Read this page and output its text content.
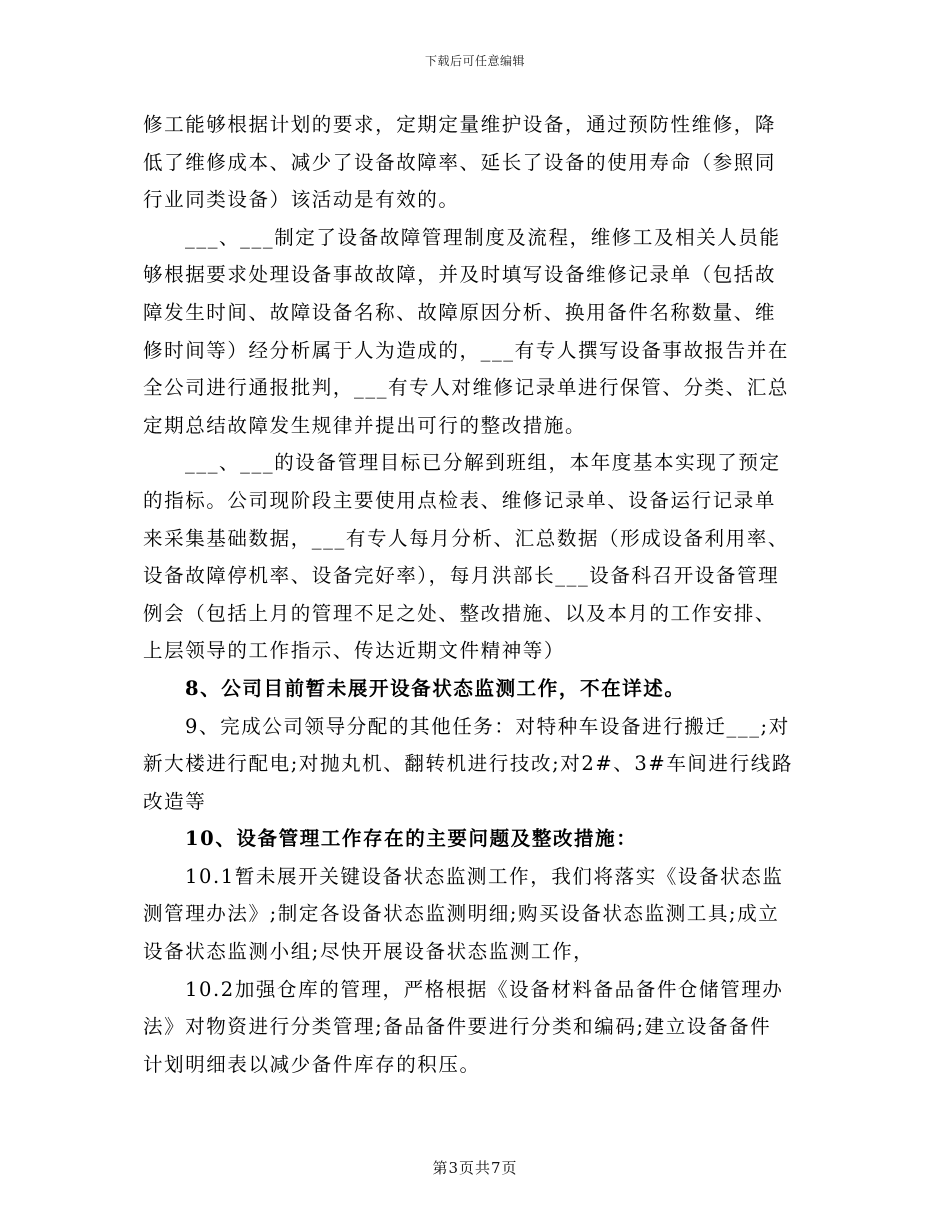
下载后可任意编辑
修工能够根据计划的要求，定期定量维护设备，通过预防性维修，降
低了维修成本、减少了设备故障率、延长了设备的使用寿命（参照同
行业同类设备）该活动是有效的。
___、___制定了设备故障管理制度及流程，维修工及相关人员能
够根据要求处理设备事故故障，并及时填写设备维修记录单（包括故
障发生时间、故障设备名称、故障原因分析、换用备件名称数量、维
修时间等）经分析属于人为造成的，___有专人撰写设备事故报告并在
全公司进行通报批判，___有专人对维修记录单进行保管、分类、汇总
定期总结故障发生规律并提出可行的整改措施。
___、___的设备管理目标已分解到班组，本年度基本实现了预定
的指标。公司现阶段主要使用点检表、维修记录单、设备运行记录单
来采集基础数据，___有专人每月分析、汇总数据（形成设备利用率、
设备故障停机率、设备完好率），每月洪部长___设备科召开设备管理
例会（包括上月的管理不足之处、整改措施、以及本月的工作安排、
上层领导的工作指示、传达近期文件精神等）
8、公司目前暂未展开设备状态监测工作，不在详述。
9、完成公司领导分配的其他任务：对特种车设备进行搬迁___;对
新大楼进行配电;对抛丸机、翻转机进行技改;对2#、3#车间进行线路
改造等
10、设备管理工作存在的主要问题及整改措施：
10.1暂未展开关键设备状态监测工作，我们将落实《设备状态监
测管理办法》;制定各设备状态监测明细;购买设备状态监测工具;成立
设备状态监测小组;尽快开展设备状态监测工作，
10.2加强仓库的管理，严格根据《设备材料备品备件仓储管理办
法》对物资进行分类管理;备品备件要进行分类和编码;建立设备备件
计划明细表以减少备件库存的积压。
第3页共7页
